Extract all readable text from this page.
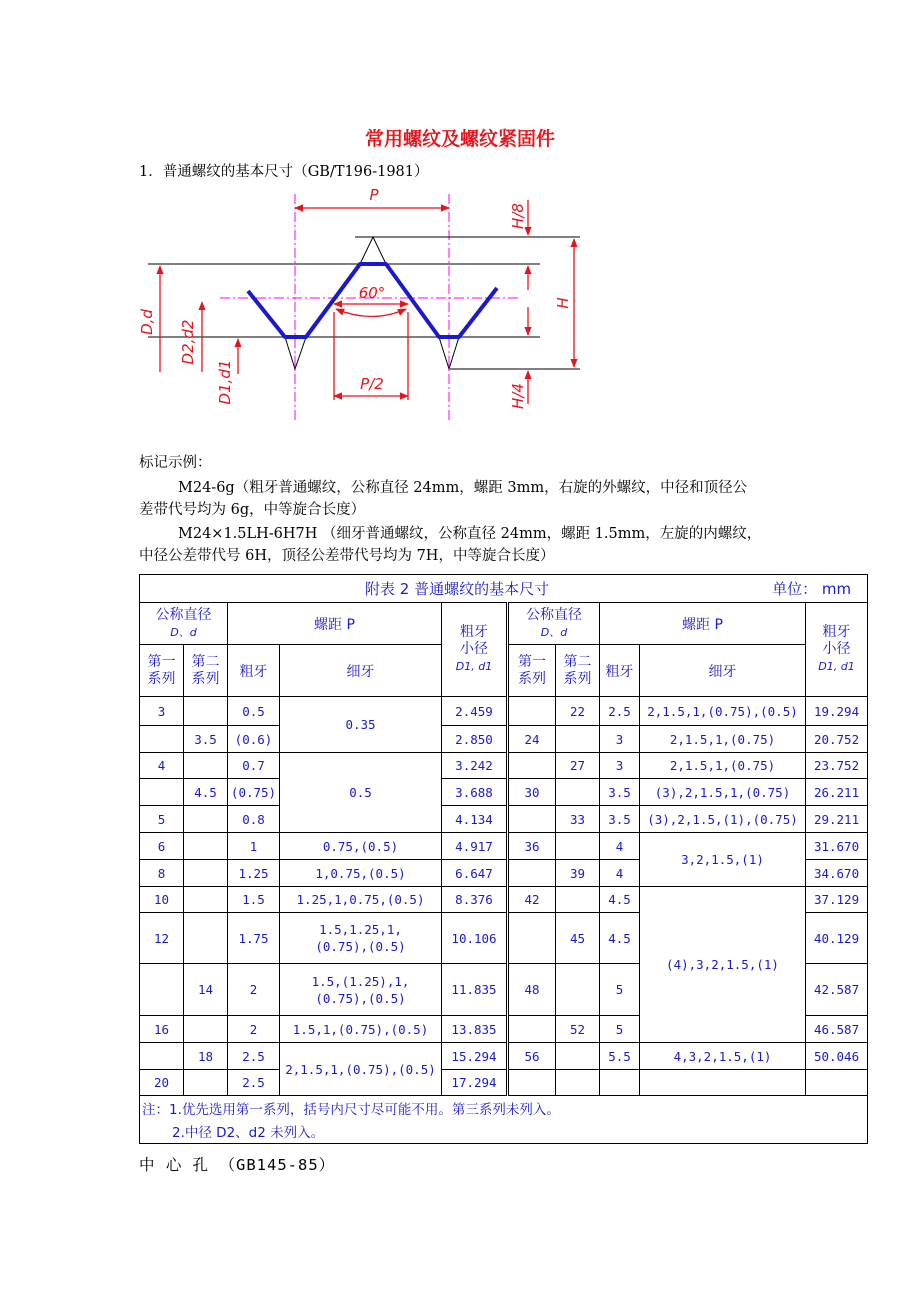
常用螺纹及螺纹紧固件
1．普通螺纹的基本尺寸（GB/T196-1981）
P
60°
P/2
H/8
H
H/4
D,d D2,d2
D1,d1
标记示例：
M24-6g（粗牙普通螺纹，公称直径 24mm，螺距 3mm，右旋的外螺纹，中径和顶径公
差带代号均为 6g，中等旋合长度）
M24×1.5LH-6H7H （细牙普通螺纹，公称直径 24mm，螺距 1.5mm，左旋的内螺纹，
中径公差带代号 6H，顶径公差带代号均为 7H，中等旋合长度）
附表 2 普通螺纹的基本尺寸 单位： mm									

公称直径
D、d		螺距 P		粗牙
小径
D1, d1	公称直径
D、d		螺距 P		粗牙
小径
D1, d1
第一
系列	第二
系列	粗牙	细牙		第一
系列	第二
系列	粗牙	细牙	
3		0.5	0.35	2.459		22	2.5	2,1.5,1,(0.75),(0.5)	19.294
	3.5	(0.6)		2.850	24		3	2,1.5,1,(0.75)	20.752
4		0.7	0.5	3.242		27	3	2,1.5,1,(0.75)	23.752
	4.5	(0.75)		3.688	30		3.5	(3),2,1.5,1,(0.75)	26.211
5		0.8		4.134		33	3.5	(3),2,1.5,(1),(0.75)	29.211
6		1	0.75,(0.5)	4.917	36		4	3,2,1.5,(1)	31.670
8		1.25	1,0.75,(0.5)	6.647		39	4		34.670
10		1.5	1.25,1,0.75,(0.5)	8.376	42		4.5	(4),3,2,1.5,(1)	37.129
12		1.75	1.5,1.25,1,
(0.75),(0.5)	10.106		45	4.5		40.129
	14	2	1.5,(1.25),1,
(0.75),(0.5)	11.835	48		5		42.587
16		2	1.5,1,(0.75),(0.5)	13.835		52	5		46.587
	18	2.5	2,1.5,1,(0.75),(0.5)	15.294	56		5.5	4,3,2,1.5,(1)	50.046
20		2.5		17.294					
注：1.优先选用第一系列，括号内尺寸尽可能不用。第三系列未列入。									
2.中径 D2、d2 未列入。									
中 心 孔 （GB145-85）
